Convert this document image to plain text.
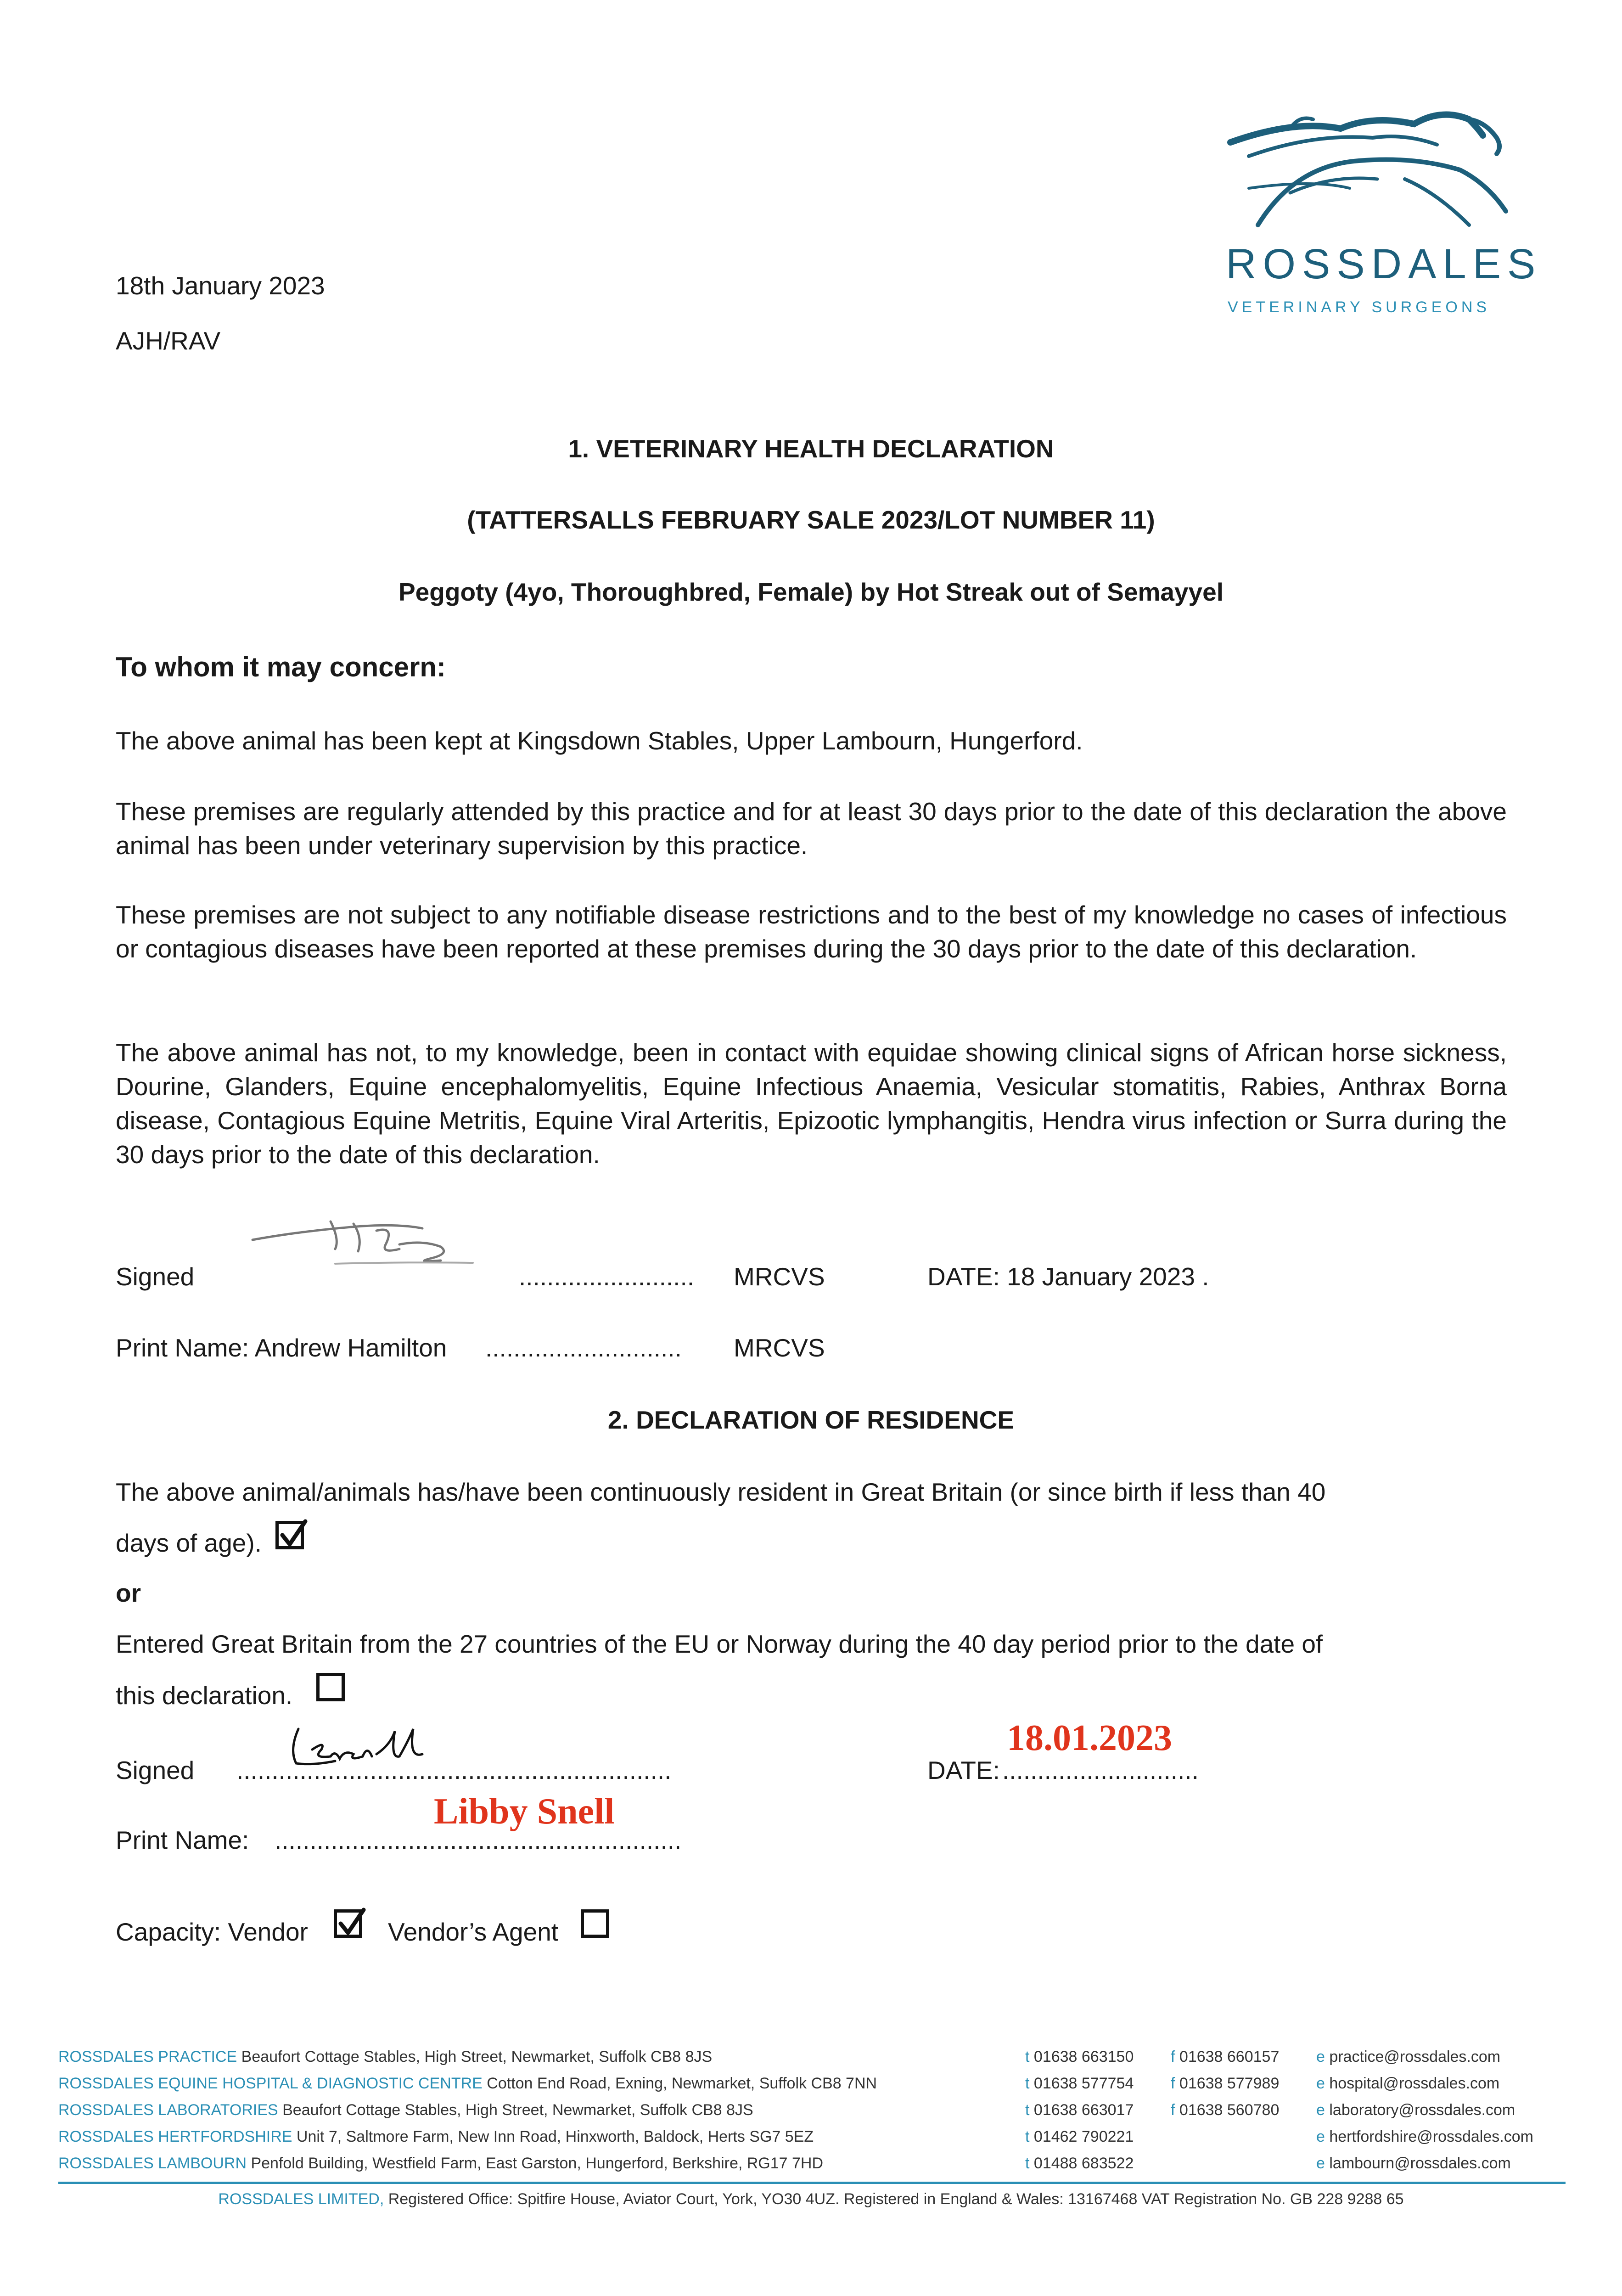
ROSSDALES
VETERINARY SURGEONS
18th January 2023
AJH/RAV
1. VETERINARY HEALTH DECLARATION
(TATTERSALLS FEBRUARY SALE 2023/LOT NUMBER 11)
Peggoty (4yo, Thoroughbred, Female) by Hot Streak out of Semayyel
To whom it may concern:
The above animal has been kept at Kingsdown Stables, Upper Lambourn, Hungerford.
These premises are regularly attended by this practice and for at least 30 days prior to the date of this declaration the above animal has been under veterinary supervision by this practice.
These premises are not subject to any notifiable disease restrictions and to the best of my knowledge no cases of infectious or contagious diseases have been reported at these premises during the 30 days prior to the date of this declaration.
The above animal has not, to my knowledge, been in contact with equidae showing clinical signs of African horse sickness, Dourine, Glanders, Equine encephalomyelitis, Equine Infectious Anaemia, Vesicular stomatitis, Rabies, Anthrax Borna disease, Contagious Equine Metritis, Equine Viral Arteritis, Epizootic lymphangitis, Hendra virus infection or Surra during the 30 days prior to the date of this declaration.
Signed	......................... MRCVS	DATE: 18 January 2023 .
Print Name: Andrew Hamilton ............................ MRCVS
2. DECLARATION OF RESIDENCE
The above animal/animals has/have been continuously resident in Great Britain (or since birth if less than 40
days of age).
or
Entered Great Britain from the 27 countries of the EU or Norway during the 40 day period prior to the date of
this declaration.
Signed ..............................................................
18.01.2023
DATE: ............................
Libby Snell
Print Name: ..........................................................
Capacity: Vendor	Vendor’s Agent
ROSSDALES PRACTICE Beaufort Cottage Stables, High Street, Newmarket, Suffolk CB8 8JS	t 01638 663150 f 01638 660157 e practice@rossdales.com
ROSSDALES EQUINE HOSPITAL & DIAGNOSTIC CENTRE Cotton End Road, Exning, Newmarket, Suffolk CB8 7NN	t 01638 577754 f 01638 577989 e hospital@rossdales.com
ROSSDALES LABORATORIES Beaufort Cottage Stables, High Street, Newmarket, Suffolk CB8 8JS	t 01638 663017 f 01638 560780 e laboratory@rossdales.com
ROSSDALES HERTFORDSHIRE Unit 7, Saltmore Farm, New Inn Road, Hinxworth, Baldock, Herts SG7 5EZ	t 01462 790221	e hertfordshire@rossdales.com
ROSSDALES LAMBOURN Penfold Building, Westfield Farm, East Garston, Hungerford, Berkshire, RG17 7HD	t 01488 683522	e lambourn@rossdales.com
ROSSDALES LIMITED, Registered Office: Spitfire House, Aviator Court, York, YO30 4UZ. Registered in England & Wales: 13167468 VAT Registration No. GB 228 9288 65
